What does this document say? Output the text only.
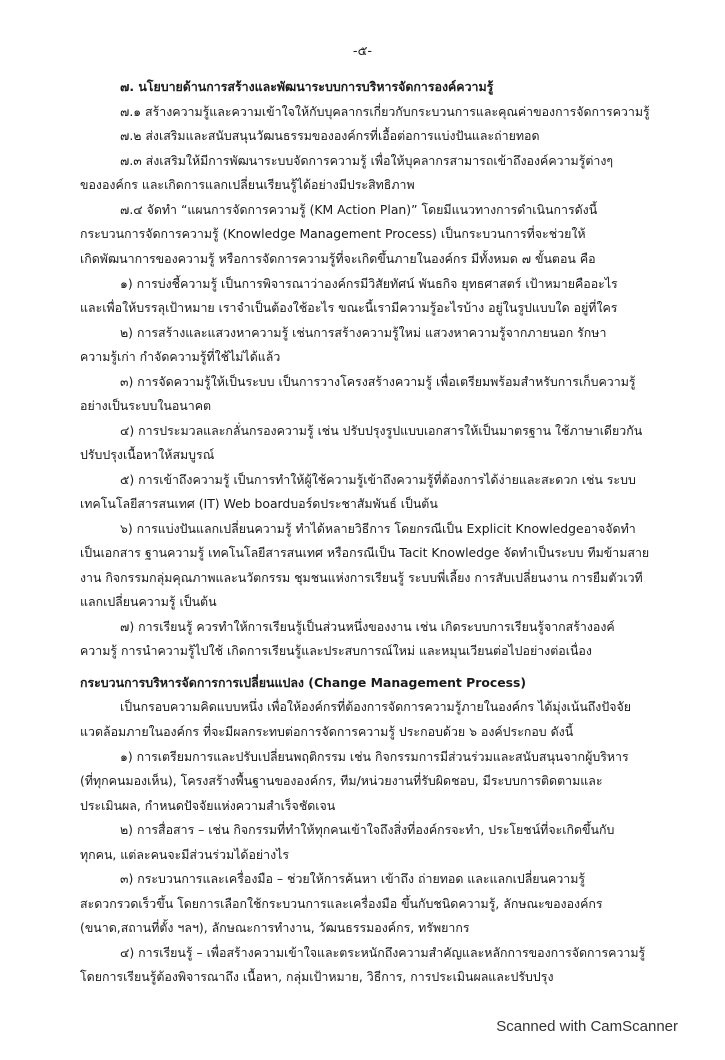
-๕-
๗. นโยบายด้านการสร้างและพัฒนาระบบการบริหารจัดการองค์ความรู้
๗.๑ สร้างความรู้และความเข้าใจให้กับบุคลากรเกี่ยวกับกระบวนการและคุณค่าของการจัดการความรู้
๗.๒ ส่งเสริมและสนับสนุนวัฒนธรรมขององค์กรที่เอื้อต่อการแบ่งปันและถ่ายทอด
๗.๓ ส่งเสริมให้มีการพัฒนาระบบจัดการความรู้ เพื่อให้บุคลากรสามารถเข้าถึงองค์ความรู้ต่างๆ
ขององค์กร และเกิดการแลกเปลี่ยนเรียนรู้ได้อย่างมีประสิทธิภาพ
๗.๔ จัดทำ “แผนการจัดการความรู้ (KM Action Plan)” โดยมีแนวทางการดำเนินการดังนี้
กระบวนการจัดการความรู้ (Knowledge Management Process) เป็นกระบวนการที่จะช่วยให้
เกิดพัฒนาการของความรู้ หรือการจัดการความรู้ที่จะเกิดขึ้นภายในองค์กร มีทั้งหมด ๗ ขั้นตอน คือ
๑) การบ่งชี้ความรู้ เป็นการพิจารณาว่าองค์กรมีวิสัยทัศน์ พันธกิจ ยุทธศาสตร์ เป้าหมายคืออะไร
และเพื่อให้บรรลุเป้าหมาย เราจำเป็นต้องใช้อะไร ขณะนี้เรามีความรู้อะไรบ้าง อยู่ในรูปแบบใด อยู่ที่ใคร
๒) การสร้างและแสวงหาความรู้ เช่นการสร้างความรู้ใหม่ แสวงหาความรู้จากภายนอก รักษา
ความรู้เก่า กำจัดความรู้ที่ใช้ไม่ได้แล้ว
๓) การจัดความรู้ให้เป็นระบบ เป็นการวางโครงสร้างความรู้ เพื่อเตรียมพร้อมสำหรับการเก็บความรู้
อย่างเป็นระบบในอนาคต
๔) การประมวลและกลั่นกรองความรู้ เช่น ปรับปรุงรูปแบบเอกสารให้เป็นมาตรฐาน ใช้ภาษาเดียวกัน
ปรับปรุงเนื้อหาให้สมบูรณ์
๕) การเข้าถึงความรู้ เป็นการทำให้ผู้ใช้ความรู้เข้าถึงความรู้ที่ต้องการได้ง่ายและสะดวก เช่น ระบบ
เทคโนโลยีสารสนเทศ (IT) Web boardบอร์ดประชาสัมพันธ์ เป็นต้น
๖) การแบ่งปันแลกเปลี่ยนความรู้ ทำได้หลายวิธีการ โดยกรณีเป็น Explicit Knowledgeอาจจัดทำ
เป็นเอกสาร ฐานความรู้ เทคโนโลยีสารสนเทศ หรือกรณีเป็น Tacit Knowledge จัดทำเป็นระบบ ทีมข้ามสาย
งาน กิจกรรมกลุ่มคุณภาพและนวัตกรรม ชุมชนแห่งการเรียนรู้ ระบบพี่เลี้ยง การสับเปลี่ยนงาน การยืมตัวเวที
แลกเปลี่ยนความรู้ เป็นต้น
๗) การเรียนรู้ ควรทำให้การเรียนรู้เป็นส่วนหนึ่งของงาน เช่น เกิดระบบการเรียนรู้จากสร้างองค์
ความรู้ การนำความรู้ไปใช้ เกิดการเรียนรู้และประสบการณ์ใหม่ และหมุนเวียนต่อไปอย่างต่อเนื่อง
กระบวนการบริหารจัดการการเปลี่ยนแปลง (Change Management Process)
เป็นกรอบความคิดแบบหนึ่ง เพื่อให้องค์กรที่ต้องการจัดการความรู้ภายในองค์กร ได้มุ่งเน้นถึงปัจจัย
แวดล้อมภายในองค์กร ที่จะมีผลกระทบต่อการจัดการความรู้ ประกอบด้วย ๖ องค์ประกอบ ดังนี้
๑) การเตรียมการและปรับเปลี่ยนพฤติกรรม เช่น กิจกรรมการมีส่วนร่วมและสนับสนุนจากผู้บริหาร
(ที่ทุกคนมองเห็น), โครงสร้างพื้นฐานขององค์กร, ทีม/หน่วยงานที่รับผิดชอบ, มีระบบการติดตามและ
ประเมินผล, กำหนดปัจจัยแห่งความสำเร็จชัดเจน
๒) การสื่อสาร – เช่น กิจกรรมที่ทำให้ทุกคนเข้าใจถึงสิ่งที่องค์กรจะทำ, ประโยชน์ที่จะเกิดขึ้นกับ
ทุกคน, แต่ละคนจะมีส่วนร่วมได้อย่างไร
๓) กระบวนการและเครื่องมือ – ช่วยให้การค้นหา เข้าถึง ถ่ายทอด และแลกเปลี่ยนความรู้
สะดวกรวดเร็วขึ้น โดยการเลือกใช้กระบวนการและเครื่องมือ ขึ้นกับชนิดความรู้, ลักษณะขององค์กร
(ขนาด,สถานที่ตั้ง ฯลฯ), ลักษณะการทำงาน, วัฒนธรรมองค์กร, ทรัพยากร
๔) การเรียนรู้ – เพื่อสร้างความเข้าใจและตระหนักถึงความสำคัญและหลักการของการจัดการความรู้
โดยการเรียนรู้ต้องพิจารณาถึง เนื้อหา, กลุ่มเป้าหมาย, วิธีการ, การประเมินผลและปรับปรุง
Scanned with CamScanner
